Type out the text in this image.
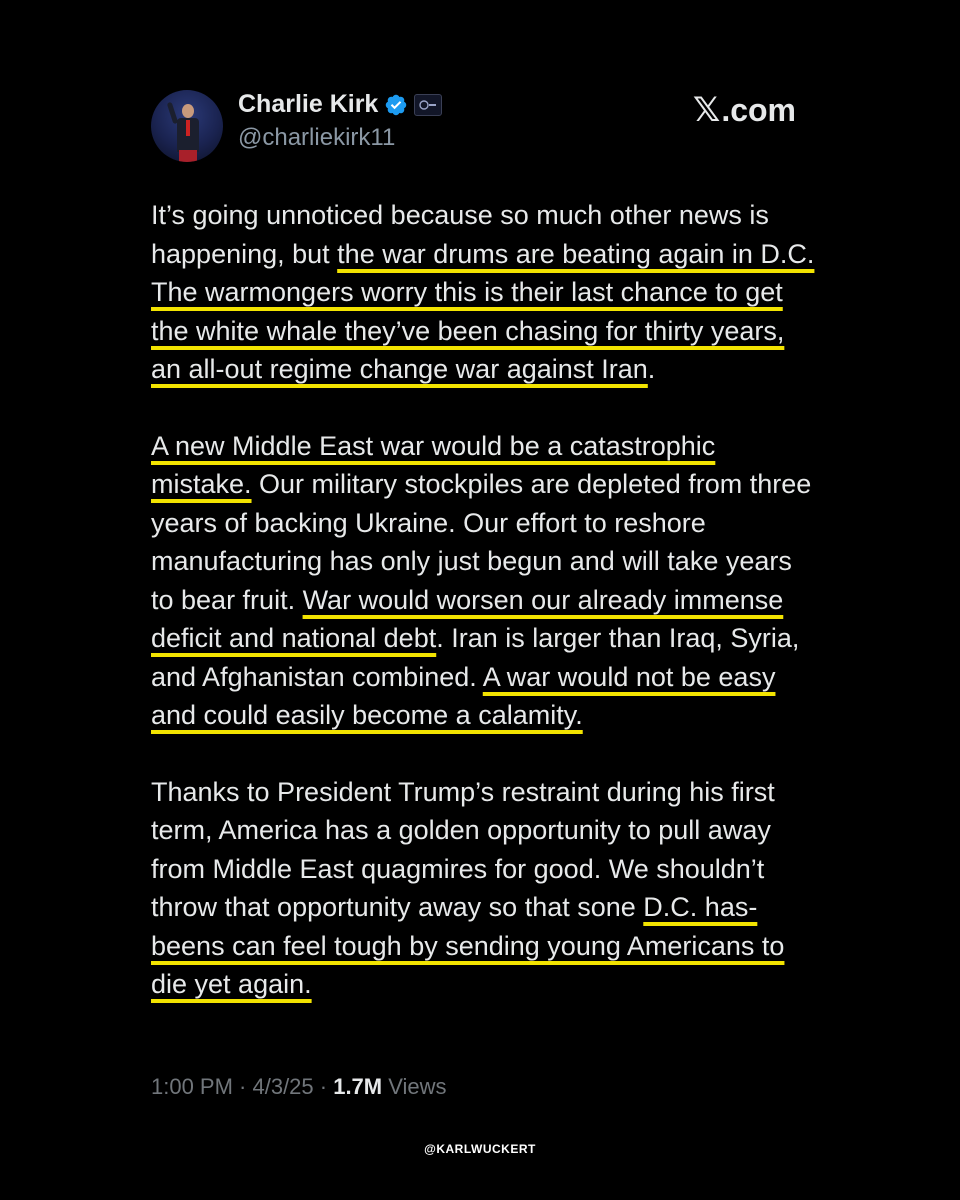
Charlie Kirk
@charliekirk11
𝕏 .com

It’s going unnoticed because so much other news is happening, but the war drums are beating again in D.C. The warmongers worry this is their last chance to get the white whale they’ve been chasing for thirty years, an all-out regime change war against Iran.

A new Middle East war would be a catastrophic mistake. Our military stockpiles are depleted from three years of backing Ukraine. Our effort to reshore manufacturing has only just begun and will take years to bear fruit. War would worsen our already immense deficit and national debt. Iran is larger than Iraq, Syria, and Afghanistan combined. A war would not be easy and could easily become a calamity.

Thanks to President Trump’s restraint during his first term, America has a golden opportunity to pull away from Middle East quagmires for good. We shouldn’t throw that opportunity away so that sone D.C. has-beens can feel tough by sending young Americans to die yet again.

1:00 PM · 4/3/25 · 1.7M Views
@KARLWUCKERT
